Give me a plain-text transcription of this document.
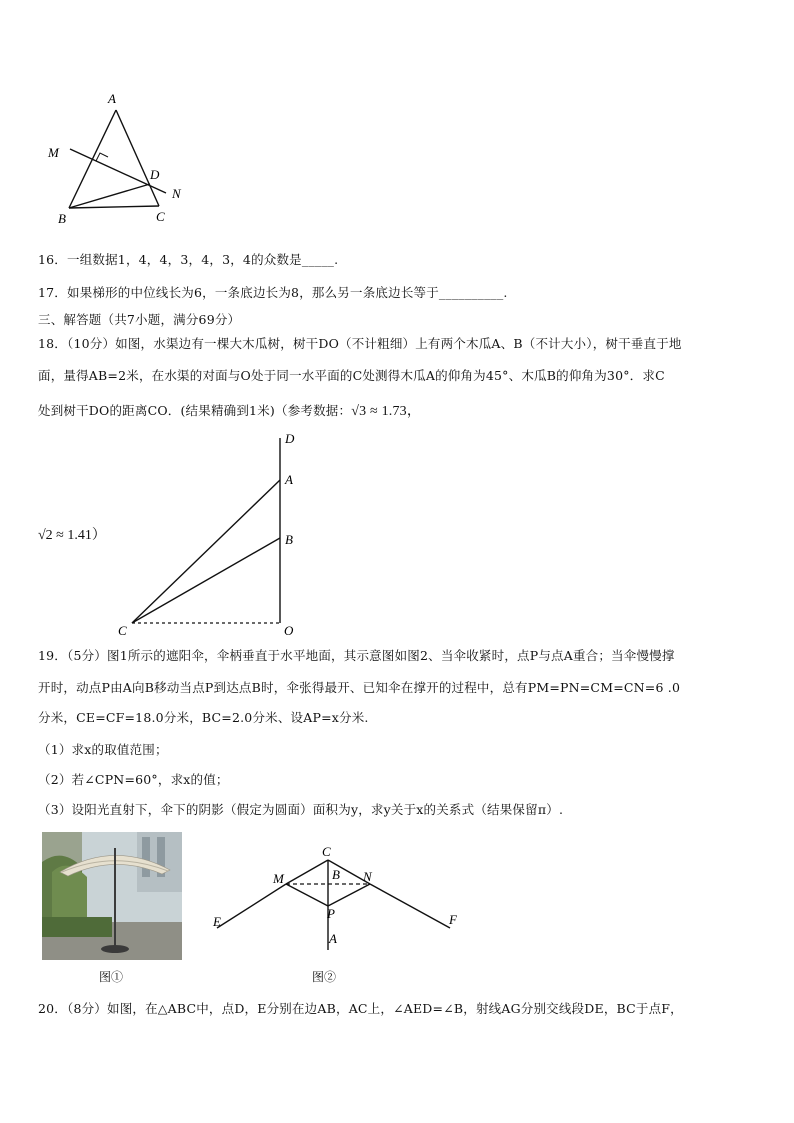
A
M
D
N
B	C
16．一组数据1，4，4，3，4，3，4的众数是_____.
17．如果梯形的中位线长为6，一条底边长为8，那么另一条底边长等于__________.
三、解答题（共7小题，满分69分）
18．（10分）如图，水渠边有一棵大木瓜树，树干DO（不计粗细）上有两个木瓜A、B（不计大小），树干垂直于地
面，量得AB=2米，在水渠的对面与O处于同一水平面的C处测得木瓜A的仰角为45°、木瓜B的仰角为30°．求C
处到树干DO的距离CO．(结果精确到1米)（参考数据：√3 ≈ 1.73，
√2 ≈ 1.41）
D
A
B
C	O
19．（5分）图1所示的遮阳伞，伞柄垂直于水平地面，其示意图如图2、当伞收紧时，点P与点A重合；当伞慢慢撑
开时，动点P由A向B移动当点P到达点B时，伞张得最开、已知伞在撑开的过程中，总有PM=PN=CM=CN=6 .0
分米，CE=CF=18.0分米，BC=2.0分米、设AP=x分米.
（1）求x的取值范围；
（2）若∠CPN=60°，求x的值；
（3）设阳光直射下，伞下的阴影（假定为圆面）面积为y，求y关于x的关系式（结果保留π）.
C
M	B N
P
A
E	F
图①	图②
20．（8分）如图，在△ABC中，点D，E分别在边AB，AC上，∠AED=∠B，射线AG分别交线段DE，BC于点F，
